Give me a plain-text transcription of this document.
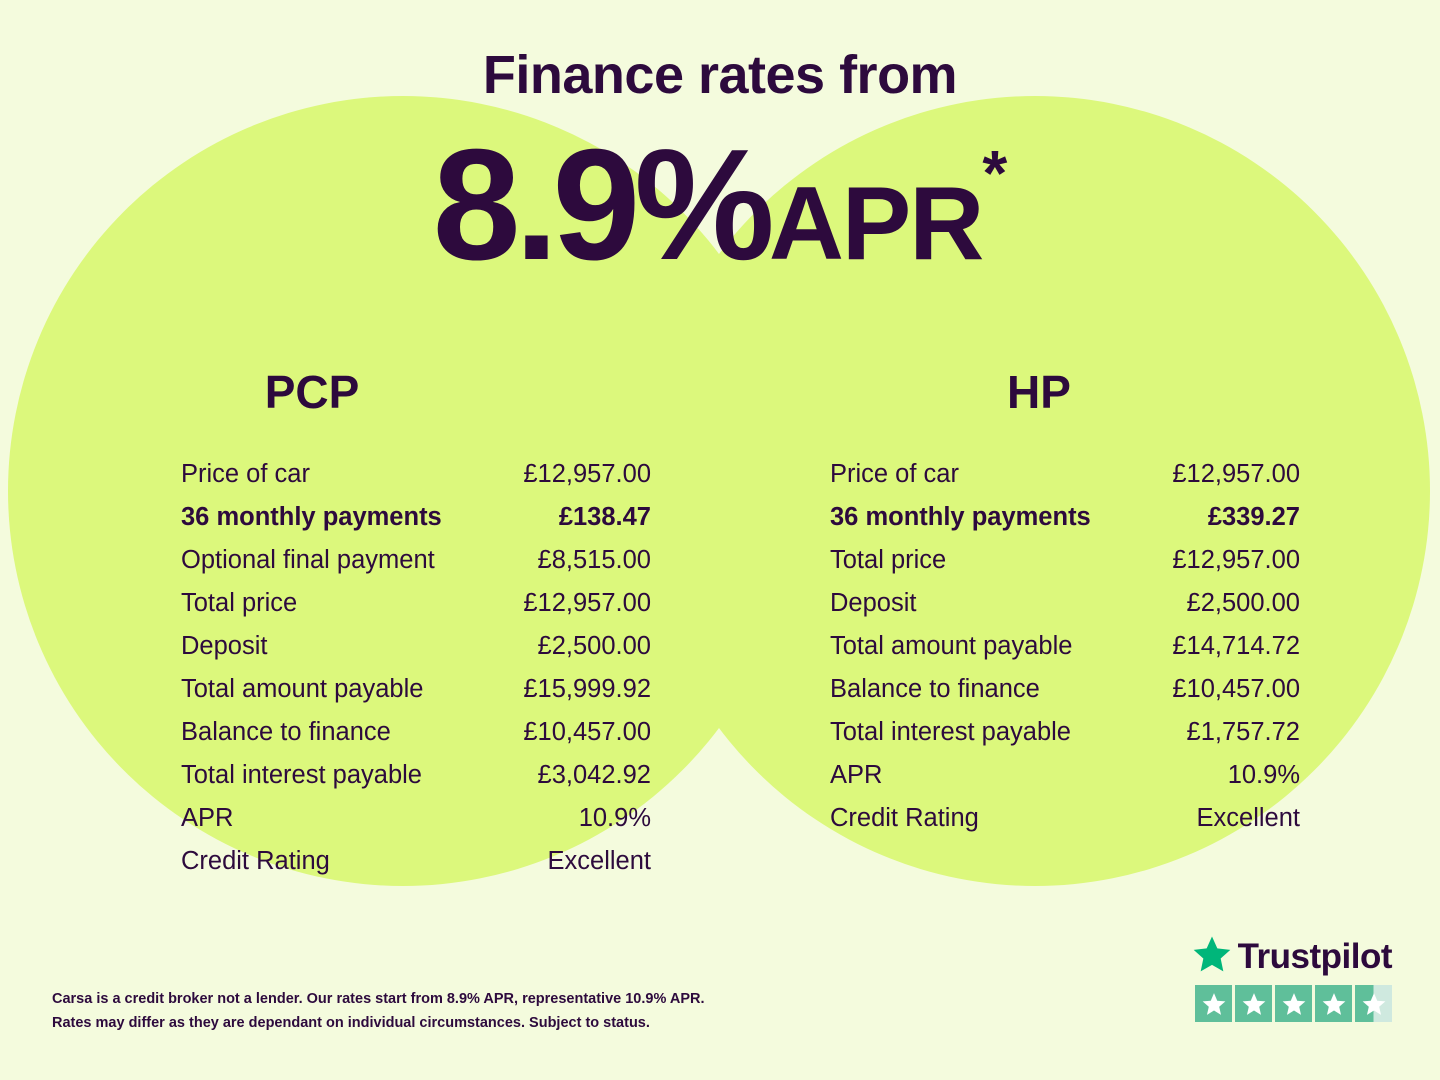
Finance rates from
8.9%APR*
PCP
Price of car	£12,957.00
36 monthly payments	£138.47
Optional final payment	£8,515.00
Total price	£12,957.00
Deposit	£2,500.00
Total amount payable	£15,999.92
Balance to finance	£10,457.00
Total interest payable	£3,042.92
APR	10.9%
Credit Rating	Excellent
HP
Price of car	£12,957.00
36 monthly payments	£339.27
Total price	£12,957.00
Deposit	£2,500.00
Total amount payable	£14,714.72
Balance to finance	£10,457.00
Total interest payable	£1,757.72
APR	10.9%
Credit Rating	Excellent
Carsa is a credit broker not a lender. Our rates start from 8.9% APR, representative 10.9% APR.
Rates may differ as they are dependant on individual circumstances. Subject to status.
Trustpilot
